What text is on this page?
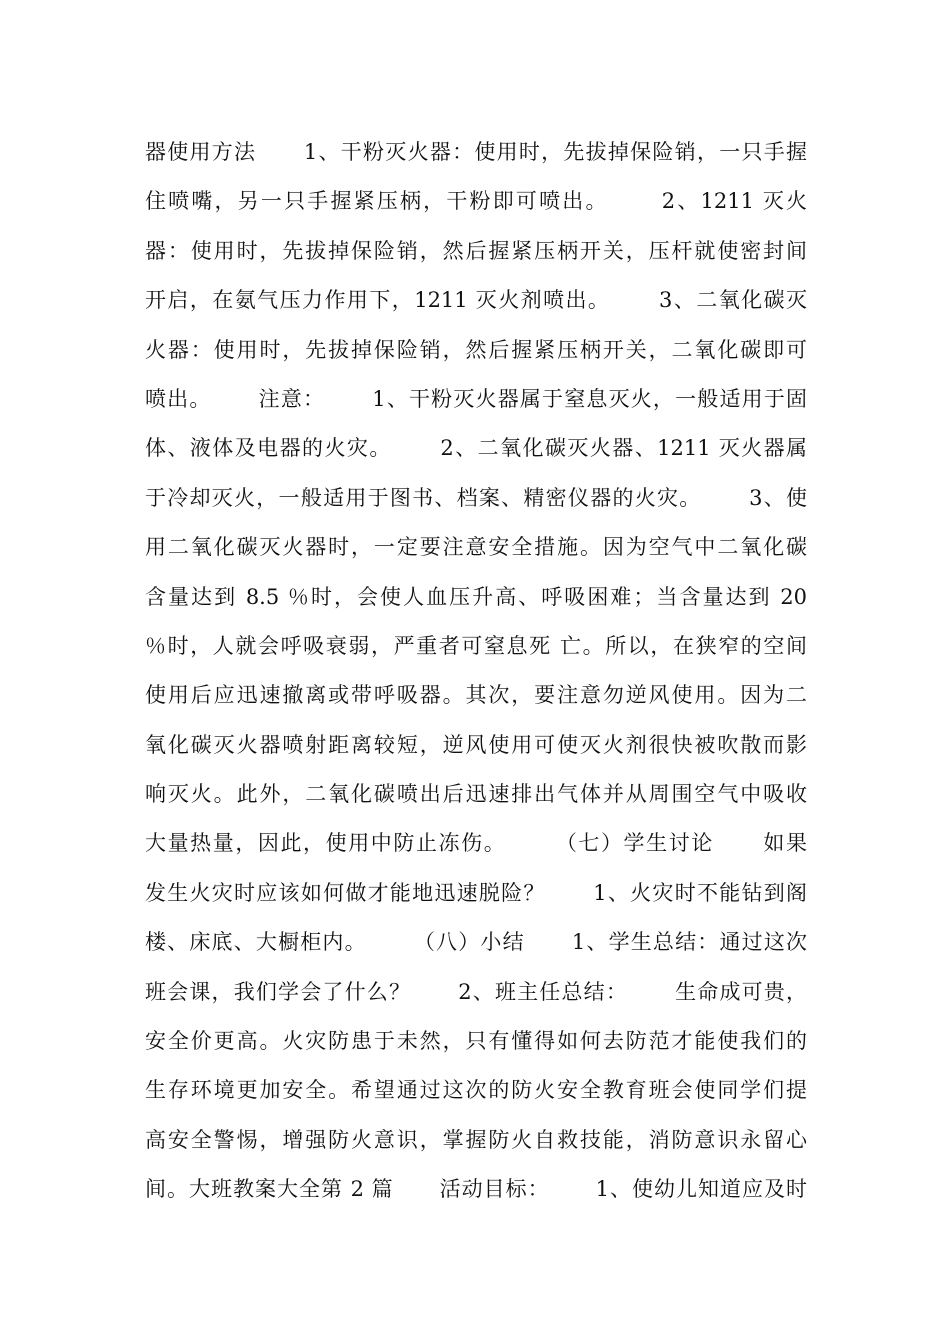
器使用方法      1、干粉灭火器：使用时，先拔掉保险销，一只手握
住喷嘴，另一只手握紧压柄，干粉即可喷出。      2、1211 灭火
器：使用时，先拔掉保险销，然后握紧压柄开关，压杆就使密封间
开启，在氨气压力作用下，1211 灭火剂喷出。      3、二氧化碳灭
火器：使用时，先拔掉保险销，然后握紧压柄开关，二氧化碳即可
喷出。      注意：      1、干粉灭火器属于窒息灭火，一般适用于固
体、液体及电器的火灾。      2、二氧化碳灭火器、1211 灭火器属
于冷却灭火，一般适用于图书、档案、精密仪器的火灾。      3、使
用二氧化碳灭火器时，一定要注意安全措施。因为空气中二氧化碳
含量达到 8.5 ％时，会使人血压升高、呼吸困难；当含量达到 20
％时，人就会呼吸衰弱，严重者可窒息死 亡。所以，在狭窄的空间
使用后应迅速撤离或带呼吸器。其次，要注意勿逆风使用。因为二
氧化碳灭火器喷射距离较短，逆风使用可使灭火剂很快被吹散而影
响灭火。此外，二氧化碳喷出后迅速排出气体并从周围空气中吸收
大量热量，因此，使用中防止冻伤。      （七）学生讨论      如果
发生火灾时应该如何做才能地迅速脱险？      1、火灾时不能钻到阁
楼、床底、大橱柜内。      （八）小结      1、学生总结：通过这次
班会课，我们学会了什么？      2、班主任总结：      生命成可贵，
安全价更高。火灾防患于未然，只有懂得如何去防范才能使我们的
生存环境更加安全。希望通过这次的防火安全教育班会使同学们提
高安全警惕，增强防火意识，掌握防火自救技能，消防意识永留心
间。大班教案大全第 2 篇      活动目标：      1、使幼儿知道应及时
